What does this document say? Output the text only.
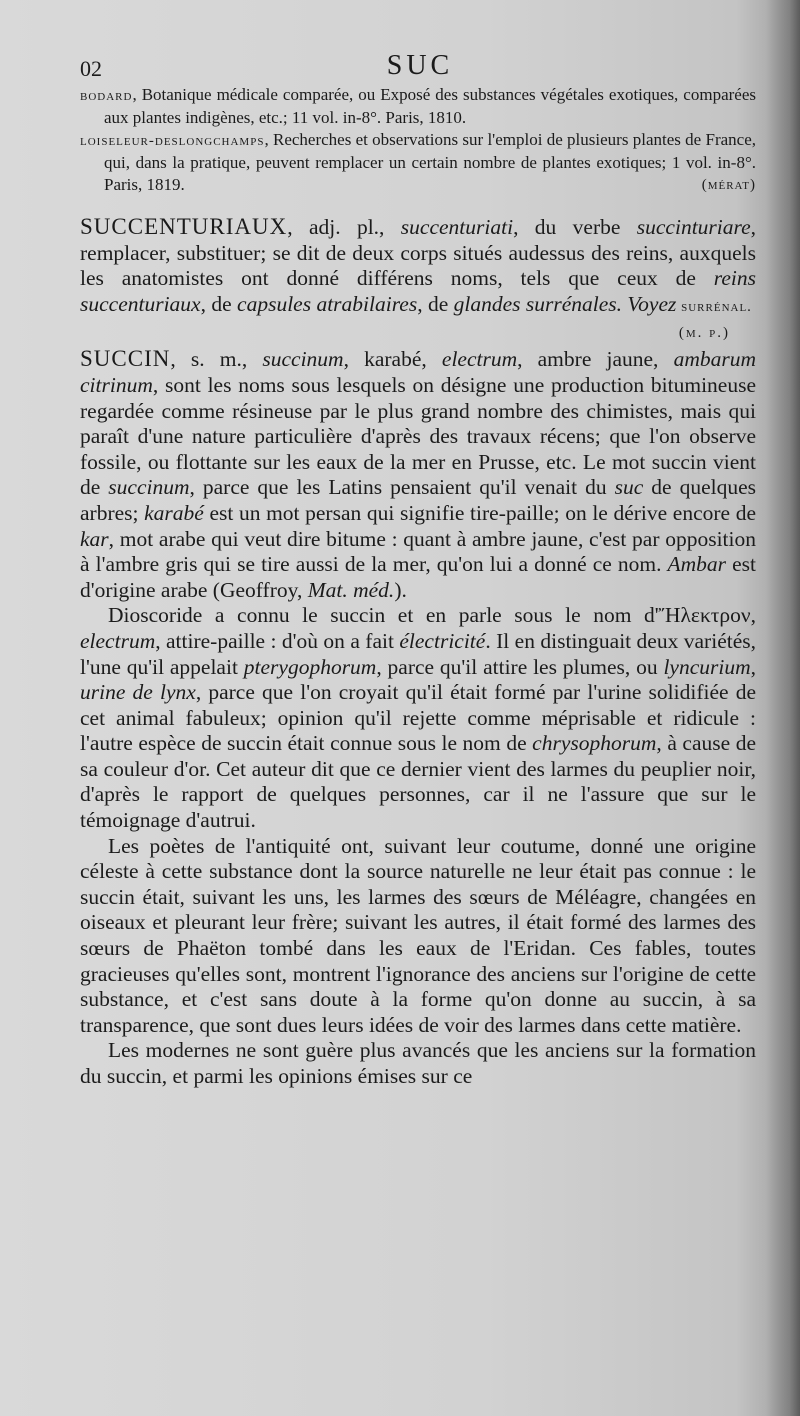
02	SUC

bodard, Botanique médicale comparée, ou Exposé des substances végétales exotiques, comparées aux plantes indigènes, etc.; 11 vol. in-8°. Paris, 1810.

loiseleur-deslongchamps, Recherches et observations sur l'emploi de plusieurs plantes de France, qui, dans la pratique, peuvent remplacer un certain nombre de plantes exotiques; 1 vol. in-8°. Paris, 1819.	(mérat)

SUCCENTURIAUX, adj. pl., succenturiati, du verbe succinturiare, remplacer, substituer; se dit de deux corps situés audessus des reins, auxquels les anatomistes ont donné différens noms, tels que ceux de reins succenturiaux, de capsules atrabilaires, de glandes surrénales. Voyez surrénal.

(m. p.)

SUCCIN, s. m., succinum, karabé, electrum, ambre jaune, ambarum citrinum, sont les noms sous lesquels on désigne une production bitumineuse regardée comme résineuse par le plus grand nombre des chimistes, mais qui paraît d'une nature particulière d'après des travaux récens; que l'on observe fossile, ou flottante sur les eaux de la mer en Prusse, etc. Le mot succin vient de succinum, parce que les Latins pensaient qu'il venait du suc de quelques arbres; karabé est un mot persan qui signifie tire-paille; on le dérive encore de kar, mot arabe qui veut dire bitume : quant à ambre jaune, c'est par opposition à l'ambre gris qui se tire aussi de la mer, qu'on lui a donné ce nom. Ambar est d'origine arabe (Geoffroy, Mat. méd.).

Dioscoride a connu le succin et en parle sous le nom d'Ἤλεκτρον, electrum, attire-paille : d'où on a fait électricité. Il en distinguait deux variétés, l'une qu'il appelait pterygophorum, parce qu'il attire les plumes, ou lyncurium, urine de lynx, parce que l'on croyait qu'il était formé par l'urine solidifiée de cet animal fabuleux; opinion qu'il rejette comme méprisable et ridicule : l'autre espèce de succin était connue sous le nom de chrysophorum, à cause de sa couleur d'or. Cet auteur dit que ce dernier vient des larmes du peuplier noir, d'après le rapport de quelques personnes, car il ne l'assure que sur le témoignage d'autrui.

Les poètes de l'antiquité ont, suivant leur coutume, donné une origine céleste à cette substance dont la source naturelle ne leur était pas connue : le succin était, suivant les uns, les larmes des sœurs de Méléagre, changées en oiseaux et pleurant leur frère; suivant les autres, il était formé des larmes des sœurs de Phaëton tombé dans les eaux de l'Eridan. Ces fables, toutes gracieuses qu'elles sont, montrent l'ignorance des anciens sur l'origine de cette substance, et c'est sans doute à la forme qu'on donne au succin, à sa transparence, que sont dues leurs idées de voir des larmes dans cette matière.

Les modernes ne sont guère plus avancés que les anciens sur la formation du succin, et parmi les opinions émises sur ce
